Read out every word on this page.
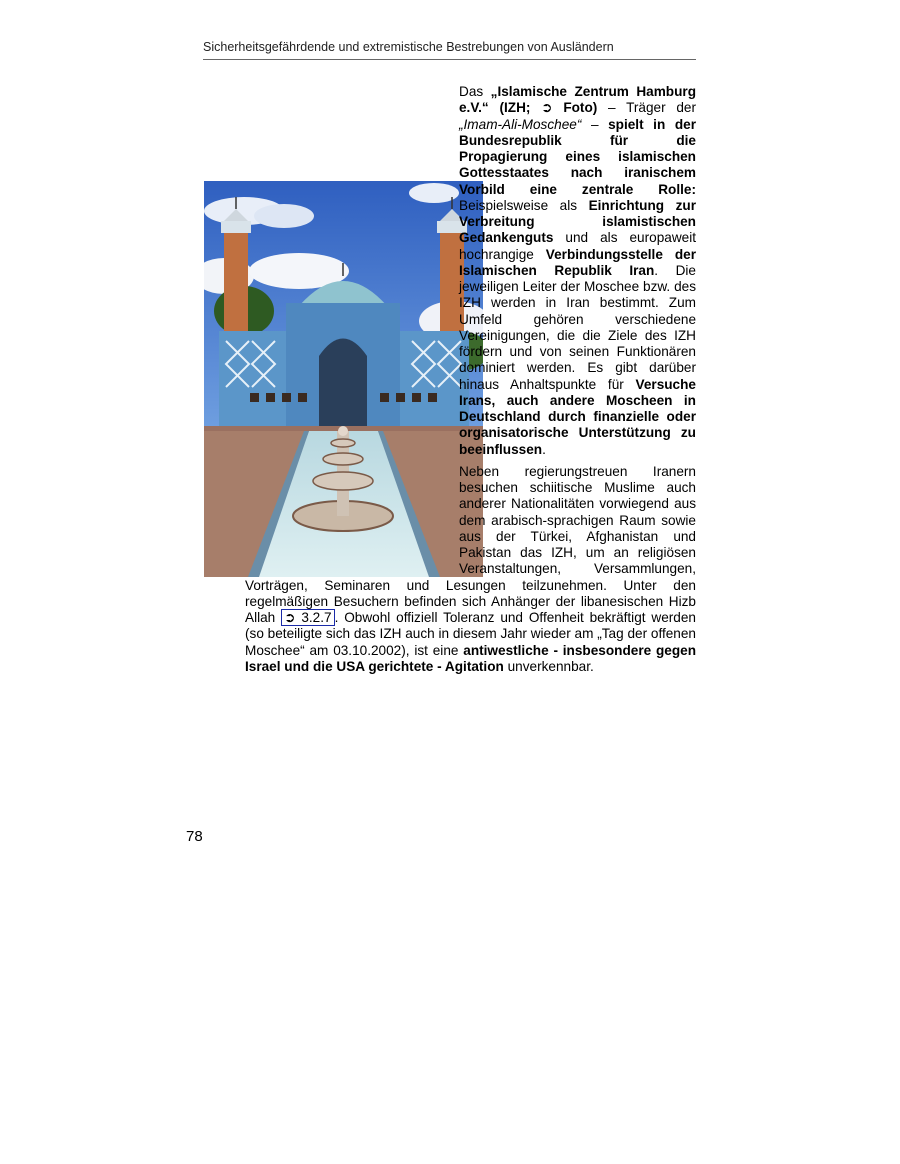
Sicherheitsgefährdende und extremistische Bestrebungen von Ausländern

Das „Islamische Zentrum Hamburg e.V.“ (IZH; ➲ Foto) – Träger der „Imam-Ali-Moschee“ – spielt in der Bundesrepublik für die Propagierung eines islamischen Gottesstaates nach iranischem Vorbild eine zentrale Rolle: Beispielsweise als Einrichtung zur Verbreitung islamistischen Gedankenguts und als europaweit hochrangige Verbindungsstelle der Islamischen Republik Iran. Die jeweiligen Leiter der Moschee bzw. des IZH werden in Iran bestimmt. Zum Umfeld gehören verschiedene Vereinigungen, die die Ziele des IZH fördern und von seinen Funktionären dominiert werden. Es gibt darüber hinaus Anhaltspunkte für Versuche Irans, auch andere Moscheen in Deutschland durch finanzielle oder organisatorische Unterstützung zu beeinflussen.

Neben regierungstreuen Iranern besuchen schiitische Muslime auch anderer Nationalitäten vorwiegend aus dem arabisch-sprachigen Raum sowie aus der Türkei, Afghanistan und Pakistan das IZH, um an religiösen Veranstaltungen, Versammlungen, Vorträgen, Seminaren und Lesungen teilzunehmen. Unter den regelmäßigen Besuchern befinden sich Anhänger der libanesischen Hizb Allah ➲ 3.2.7 . Obwohl offiziell Toleranz und Offenheit bekräftigt werden (so beteiligte sich das IZH auch in diesem Jahr wieder am „Tag der offenen Moschee“ am 03.10.2002), ist eine antiwestliche - insbesondere gegen Israel und die USA gerichtete - Agitation unverkennbar.

78
